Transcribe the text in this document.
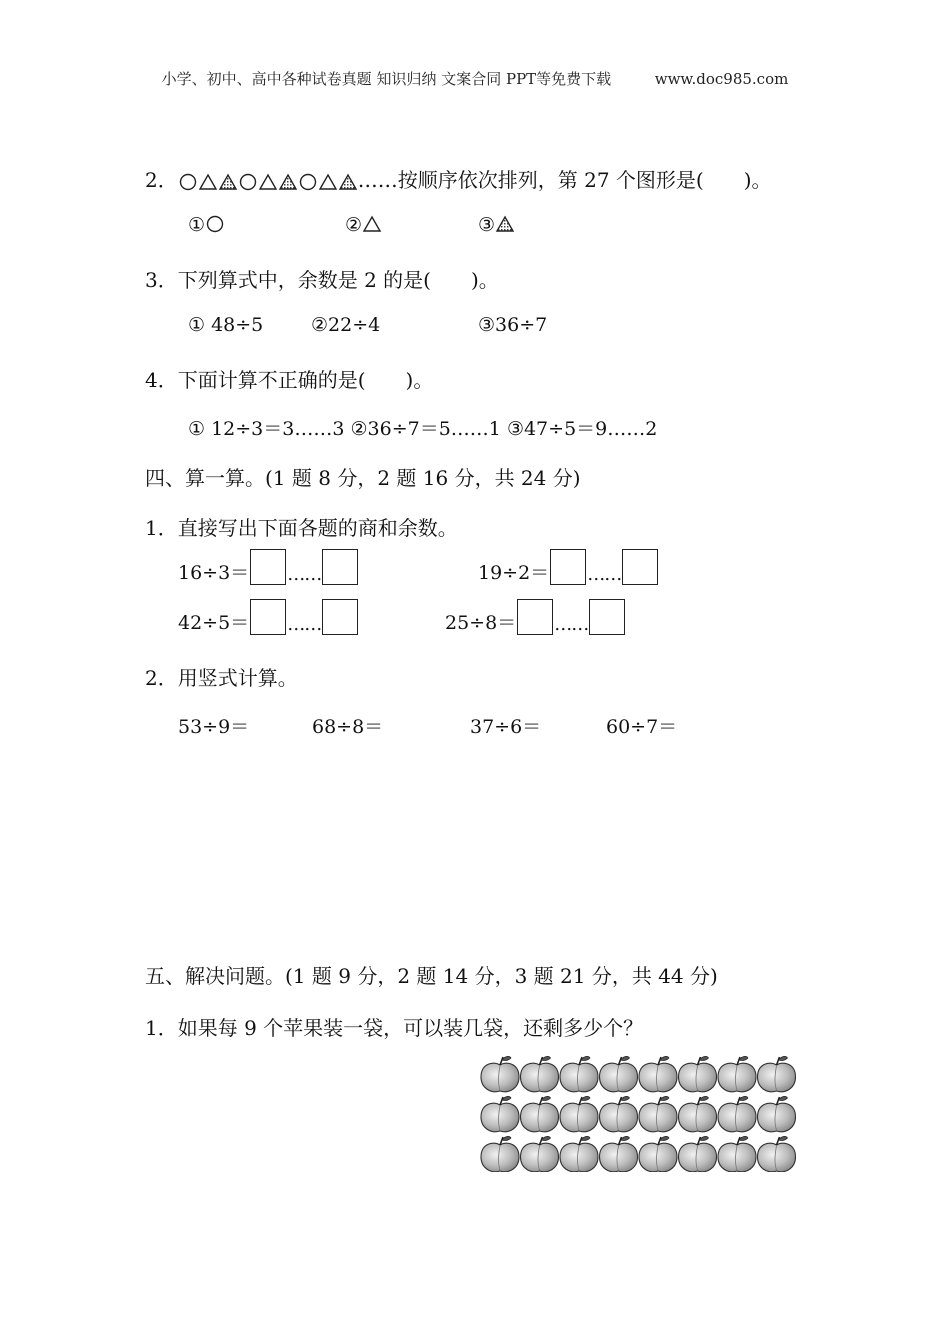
小学、初中、高中各种试卷真题 知识归纳 文案合同 PPT等免费下载	www.doc985.com
2．	……按顺序依次排列，第 27 个图形是(　　)。
①	②	③
3．下列算式中，余数是 2 的是(　　)。
① 48÷5	②22÷4	③36÷7
4．下面计算不正确的是(　　)。
① 12÷3＝3……3 ②36÷7＝5……1 ③47÷5＝9……2
四、算一算。(1 题 8 分，2 题 16 分，共 24 分)
1．直接写出下面各题的商和余数。
16÷3＝ ……	19÷2＝ ……
42÷5＝ ……	25÷8＝ ……
2．用竖式计算。
53÷9＝	68÷8＝	37÷6＝	60÷7＝
五、解决问题。(1 题 9 分，2 题 14 分，3 题 21 分，共 44 分)
1．如果每 9 个苹果装一袋，可以装几袋，还剩多少个？
